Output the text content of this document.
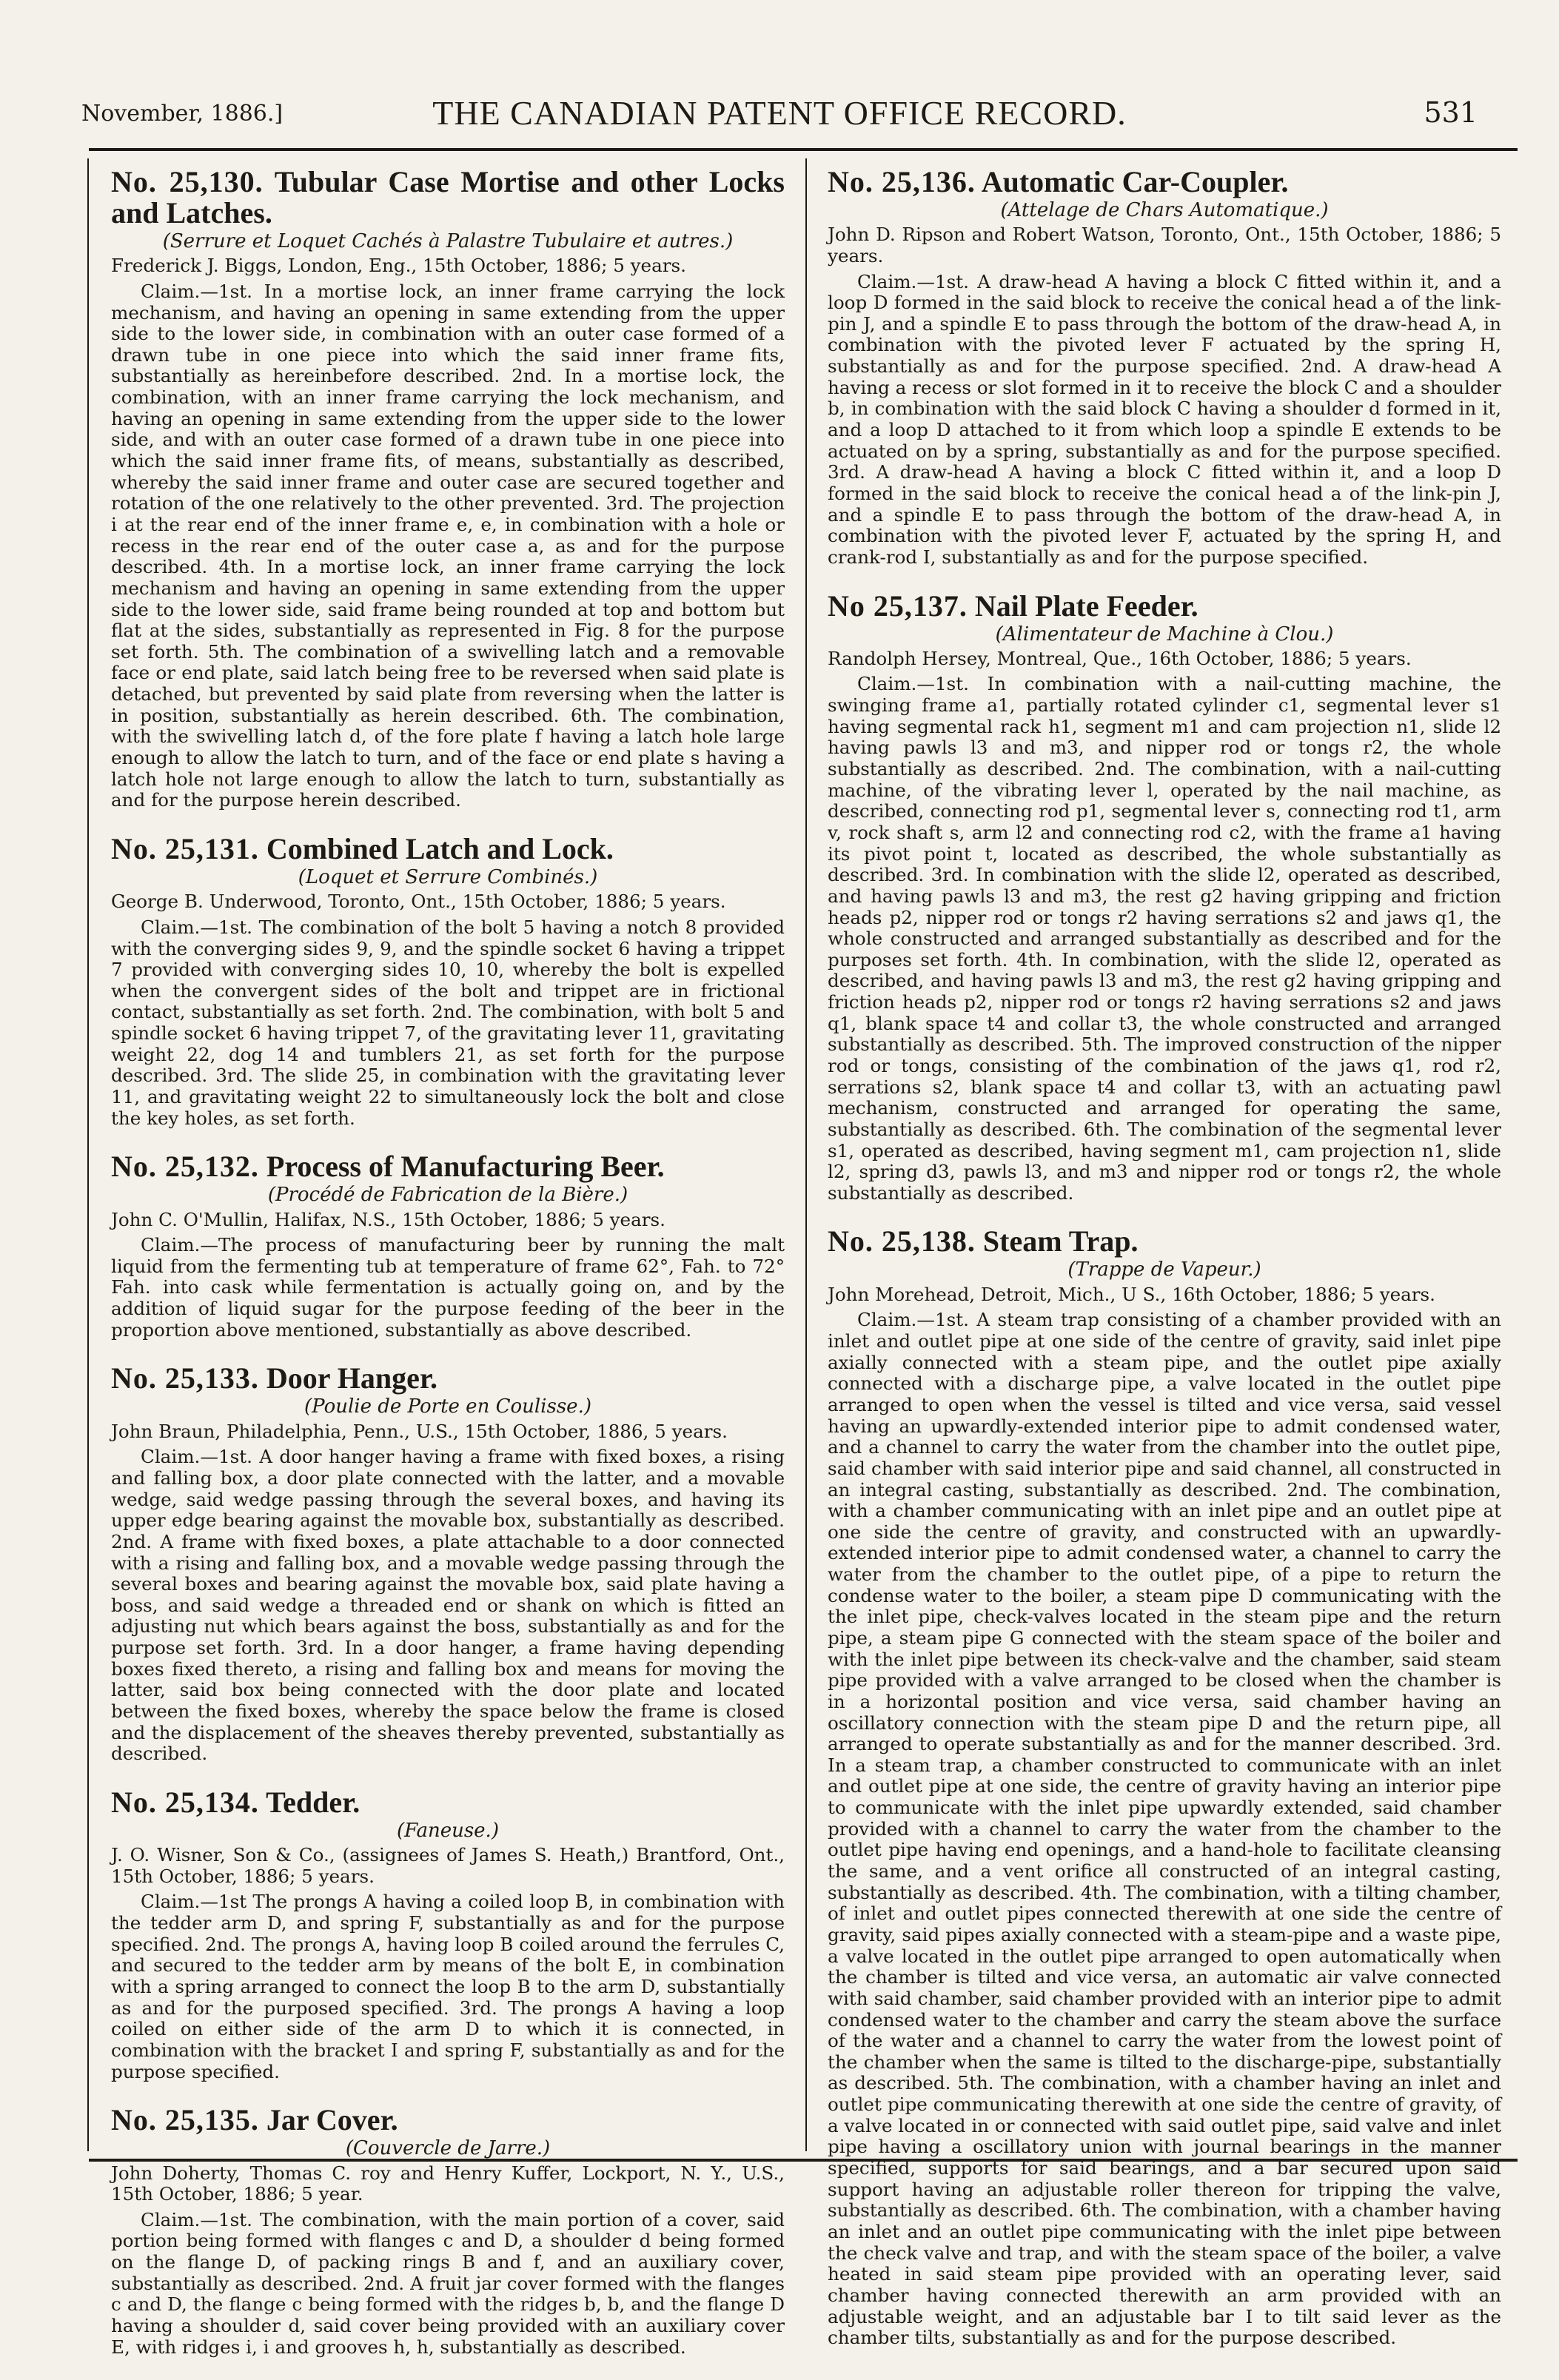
November, 1886.]	THE CANADIAN PATENT OFFICE RECORD.	531
No. 25,130. Tubular Case Mortise and other Locks and Latches.
(Serrure et Loquet Cachés à Palastre Tubulaire et autres.)
Frederick J. Biggs, London, Eng., 15th October, 1886; 5 years.
Claim.—1st. In a mortise lock, an inner frame carrying the lock mechanism, and having an opening in same extending from the upper side to the lower side, in combination with an outer case formed of a drawn tube in one piece into which the said inner frame fits, substantially as hereinbefore described. 2nd. In a mortise lock, the combination, with an inner frame carrying the lock mechanism, and having an opening in same extending from the upper side to the lower side, and with an outer case formed of a drawn tube in one piece into which the said inner frame fits, of means, substantially as described, whereby the said inner frame and outer case are secured together and rotation of the one relatively to the other prevented. 3rd. The projection i at the rear end of the inner frame e, e, in combination with a hole or recess in the rear end of the outer case a, as and for the purpose described. 4th. In a mortise lock, an inner frame carrying the lock mechanism and having an opening in same extending from the upper side to the lower side, said frame being rounded at top and bottom but flat at the sides, substantially as represented in Fig. 8 for the purpose set forth. 5th. The combination of a swivelling latch and a removable face or end plate, said latch being free to be reversed when said plate is detached, but prevented by said plate from reversing when the latter is in position, substantially as herein described. 6th. The combination, with the swivelling latch d, of the fore plate f having a latch hole large enough to allow the latch to turn, and of the face or end plate s having a latch hole not large enough to allow the latch to turn, substantially as and for the purpose herein described.
No. 25,131. Combined Latch and Lock.
(Loquet et Serrure Combinés.)
George B. Underwood, Toronto, Ont., 15th October, 1886; 5 years.
Claim.—1st. The combination of the bolt 5 having a notch 8 provided with the converging sides 9, 9, and the spindle socket 6 having a trippet 7 provided with converging sides 10, 10, whereby the bolt is expelled when the convergent sides of the bolt and trippet are in frictional contact, substantially as set forth. 2nd. The combination, with bolt 5 and spindle socket 6 having trippet 7, of the gravitating lever 11, gravitating weight 22, dog 14 and tumblers 21, as set forth for the purpose described. 3rd. The slide 25, in combination with the gravitating lever 11, and gravitating weight 22 to simultaneously lock the bolt and close the key holes, as set forth.
No. 25,132. Process of Manufacturing Beer.
(Procédé de Fabrication de la Bière.)
John C. O'Mullin, Halifax, N.S., 15th October, 1886; 5 years.
Claim.—The process of manufacturing beer by running the malt liquid from the fermenting tub at temperature of frame 62°, Fah. to 72° Fah. into cask while fermentation is actually going on, and by the addition of liquid sugar for the purpose feeding of the beer in the proportion above mentioned, substantially as above described.
No. 25,133. Door Hanger.
(Poulie de Porte en Coulisse.)
John Braun, Philadelphia, Penn., U.S., 15th October, 1886, 5 years.
Claim.—1st. A door hanger having a frame with fixed boxes, a rising and falling box, a door plate connected with the latter, and a movable wedge, said wedge passing through the several boxes, and having its upper edge bearing against the movable box, substantially as described. 2nd. A frame with fixed boxes, a plate attachable to a door connected with a rising and falling box, and a movable wedge passing through the several boxes and bearing against the movable box, said plate having a boss, and said wedge a threaded end or shank on which is fitted an adjusting nut which bears against the boss, substantially as and for the purpose set forth. 3rd. In a door hanger, a frame having depending boxes fixed thereto, a rising and falling box and means for moving the latter, said box being connected with the door plate and located between the fixed boxes, whereby the space below the frame is closed and the displacement of the sheaves thereby prevented, substantially as described.
No. 25,134. Tedder.
(Faneuse.)
J. O. Wisner, Son & Co., (assignees of James S. Heath,) Brantford, Ont., 15th October, 1886; 5 years.
Claim.—1st The prongs A having a coiled loop B, in combination with the tedder arm D, and spring F, substantially as and for the purpose specified. 2nd. The prongs A, having loop B coiled around the ferrules C, and secured to the tedder arm by means of the bolt E, in combination with a spring arranged to connect the loop B to the arm D, substantially as and for the purposed specified. 3rd. The prongs A having a loop coiled on either side of the arm D to which it is connected, in combination with the bracket I and spring F, substantially as and for the purpose specified.
No. 25,135. Jar Cover.
(Couvercle de Jarre.)
John Doherty, Thomas C. roy and Henry Kuffer, Lockport, N. Y., U.S., 15th October, 1886; 5 year.
Claim.—1st. The combination, with the main portion of a cover, said portion being formed with flanges c and D, a shoulder d being formed on the flange D, of packing rings B and f, and an auxiliary cover, substantially as described. 2nd. A fruit jar cover formed with the flanges c and D, the flange c being formed with the ridges b, b, and the flange D having a shoulder d, said cover being provided with an auxiliary cover E, with ridges i, i and grooves h, h, substantially as described.
No. 25,136. Automatic Car-Coupler.
(Attelage de Chars Automatique.)
John D. Ripson and Robert Watson, Toronto, Ont., 15th October, 1886; 5 years.
Claim.—1st. A draw-head A having a block C fitted within it, and a loop D formed in the said block to receive the conical head a of the link-pin J, and a spindle E to pass through the bottom of the draw-head A, in combination with the pivoted lever F actuated by the spring H, substantially as and for the purpose specified. 2nd. A draw-head A having a recess or slot formed in it to receive the block C and a shoulder b, in combination with the said block C having a shoulder d formed in it, and a loop D attached to it from which loop a spindle E extends to be actuated on by a spring, substantially as and for the purpose specified. 3rd. A draw-head A having a block C fitted within it, and a loop D formed in the said block to receive the conical head a of the link-pin J, and a spindle E to pass through the bottom of the draw-head A, in combination with the pivoted lever F, actuated by the spring H, and crank-rod I, substantially as and for the purpose specified.
No 25,137. Nail Plate Feeder.
(Alimentateur de Machine à Clou.)
Randolph Hersey, Montreal, Que., 16th October, 1886; 5 years.
Claim.—1st. In combination with a nail-cutting machine, the swinging frame a1, partially rotated cylinder c1, segmental lever s1 having segmental rack h1, segment m1 and cam projection n1, slide l2 having pawls l3 and m3, and nipper rod or tongs r2, the whole substantially as described. 2nd. The combination, with a nail-cutting machine, of the vibrating lever l, operated by the nail machine, as described, connecting rod p1, segmental lever s, connecting rod t1, arm v, rock shaft s, arm l2 and connecting rod c2, with the frame a1 having its pivot point t, located as described, the whole substantially as described. 3rd. In combination with the slide l2, operated as described, and having pawls l3 and m3, the rest g2 having gripping and friction heads p2, nipper rod or tongs r2 having serrations s2 and jaws q1, the whole constructed and arranged substantially as described and for the purposes set forth. 4th. In combination, with the slide l2, operated as described, and having pawls l3 and m3, the rest g2 having gripping and friction heads p2, nipper rod or tongs r2 having serrations s2 and jaws q1, blank space t4 and collar t3, the whole constructed and arranged substantially as described. 5th. The improved construction of the nipper rod or tongs, consisting of the combination of the jaws q1, rod r2, serrations s2, blank space t4 and collar t3, with an actuating pawl mechanism, constructed and arranged for operating the same, substantially as described. 6th. The combination of the segmental lever s1, operated as described, having segment m1, cam projection n1, slide l2, spring d3, pawls l3, and m3 and nipper rod or tongs r2, the whole substantially as described.
No. 25,138. Steam Trap.
(Trappe de Vapeur.)
John Morehead, Detroit, Mich., U S., 16th October, 1886; 5 years.
Claim.—1st. A steam trap consisting of a chamber provided with an inlet and outlet pipe at one side of the centre of gravity, said inlet pipe axially connected with a steam pipe, and the outlet pipe axially connected with a discharge pipe, a valve located in the outlet pipe arranged to open when the vessel is tilted and vice versa, said vessel having an upwardly-extended interior pipe to admit condensed water, and a channel to carry the water from the chamber into the outlet pipe, said chamber with said interior pipe and said channel, all constructed in an integral casting, substantially as described. 2nd. The combination, with a chamber communicating with an inlet pipe and an outlet pipe at one side the centre of gravity, and constructed with an upwardly-extended interior pipe to admit condensed water, a channel to carry the water from the chamber to the outlet pipe, of a pipe to return the condense water to the boiler, a steam pipe D communicating with the the inlet pipe, check-valves located in the steam pipe and the return pipe, a steam pipe G connected with the steam space of the boiler and with the inlet pipe between its check-valve and the chamber, said steam pipe provided with a valve arranged to be closed when the chamber is in a horizontal position and vice versa, said chamber having an oscillatory connection with the steam pipe D and the return pipe, all arranged to operate substantially as and for the manner described. 3rd. In a steam trap, a chamber constructed to communicate with an inlet and outlet pipe at one side, the centre of gravity having an interior pipe to communicate with the inlet pipe upwardly extended, said chamber provided with a channel to carry the water from the chamber to the outlet pipe having end openings, and a hand-hole to facilitate cleansing the same, and a vent orifice all constructed of an integral casting, substantially as described. 4th. The combination, with a tilting chamber, of inlet and outlet pipes connected therewith at one side the centre of gravity, said pipes axially connected with a steam-pipe and a waste pipe, a valve located in the outlet pipe arranged to open automatically when the chamber is tilted and vice versa, an automatic air valve connected with said chamber, said chamber provided with an interior pipe to admit condensed water to the chamber and carry the steam above the surface of the water and a channel to carry the water from the lowest point of the chamber when the same is tilted to the discharge-pipe, substantially as described. 5th. The combination, with a chamber having an inlet and outlet pipe communicating therewith at one side the centre of gravity, of a valve located in or connected with said outlet pipe, said valve and inlet pipe having a oscillatory union with journal bearings in the manner specified, supports for said bearings, and a bar secured upon said support having an adjustable roller thereon for tripping the valve, substantially as described. 6th. The combination, with a chamber having an inlet and an outlet pipe communicating with the inlet pipe between the check valve and trap, and with the steam space of the boiler, a valve heated in said steam pipe provided with an operating lever, said chamber having connected therewith an arm provided with an adjustable weight, and an adjustable bar I to tilt said lever as the chamber tilts, substantially as and for the purpose described.
